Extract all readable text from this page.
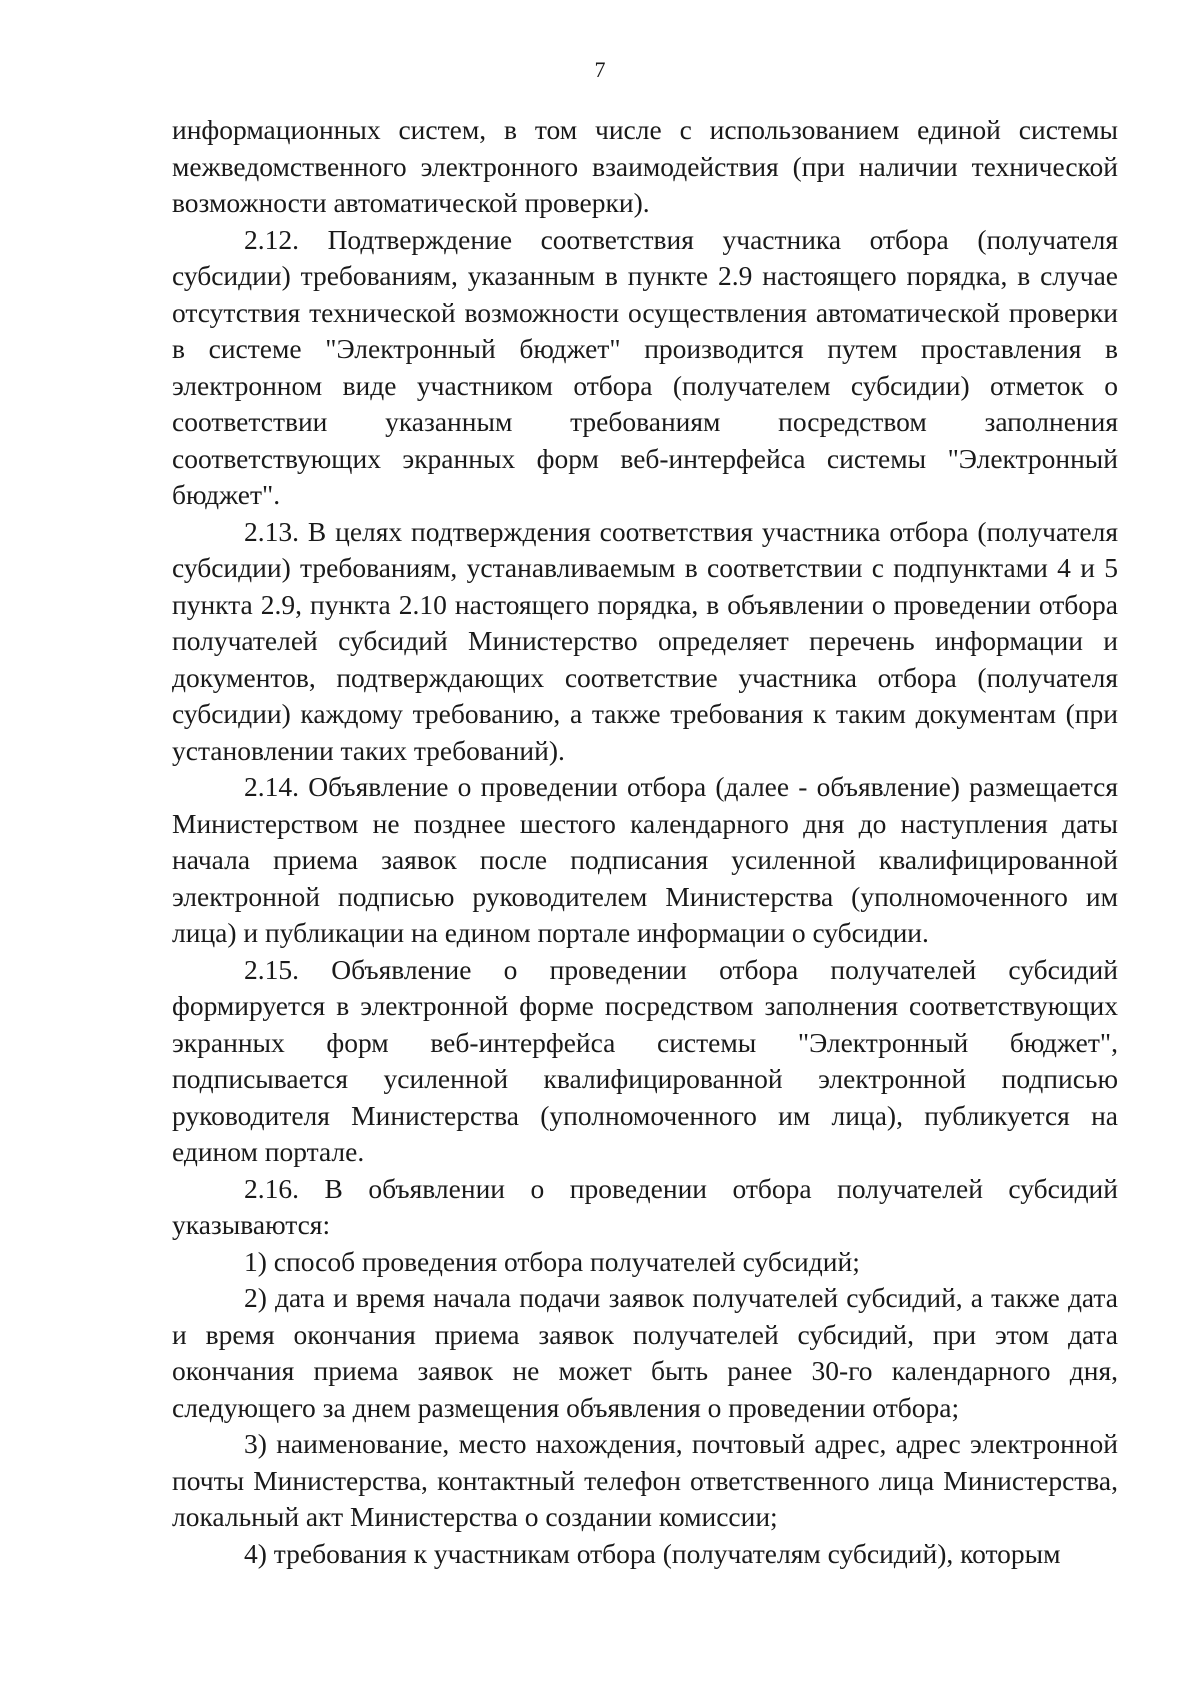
7

информационных систем, в том числе с использованием единой системы межведомственного электронного взаимодействия (при наличии технической возможности автоматической проверки).

2.12. Подтверждение соответствия участника отбора (получателя субсидии) требованиям, указанным в пункте 2.9 настоящего порядка, в случае отсутствия технической возможности осуществления автоматической проверки в системе "Электронный бюджет" производится путем проставления в электронном виде участником отбора (получателем субсидии) отметок о соответствии указанным требованиям посредством заполнения соответствующих экранных форм веб-интерфейса системы "Электронный бюджет".

2.13. В целях подтверждения соответствия участника отбора (получателя субсидии) требованиям, устанавливаемым в соответствии с подпунктами 4 и 5 пункта 2.9, пункта 2.10 настоящего порядка, в объявлении о проведении отбора получателей субсидий Министерство определяет перечень информации и документов, подтверждающих соответствие участника отбора (получателя субсидии) каждому требованию, а также требования к таким документам (при установлении таких требований).

2.14. Объявление о проведении отбора (далее - объявление) размещается Министерством не позднее шестого календарного дня до наступления даты начала приема заявок после подписания усиленной квалифицированной электронной подписью руководителем Министерства (уполномоченного им лица) и публикации на едином портале информации о субсидии.

2.15. Объявление о проведении отбора получателей субсидий формируется в электронной форме посредством заполнения соответствующих экранных форм веб-интерфейса системы "Электронный бюджет", подписывается усиленной квалифицированной электронной подписью руководителя Министерства (уполномоченного им лица), публикуется на едином портале.

2.16. В объявлении о проведении отбора получателей субсидий указываются:

1) способ проведения отбора получателей субсидий;

2) дата и время начала подачи заявок получателей субсидий, а также дата и время окончания приема заявок получателей субсидий, при этом дата окончания приема заявок не может быть ранее 30-го календарного дня, следующего за днем размещения объявления о проведении отбора;

3) наименование, место нахождения, почтовый адрес, адрес электронной почты Министерства, контактный телефон ответственного лица Министерства, локальный акт Министерства о создании комиссии;

4) требования к участникам отбора (получателям субсидий), которым
